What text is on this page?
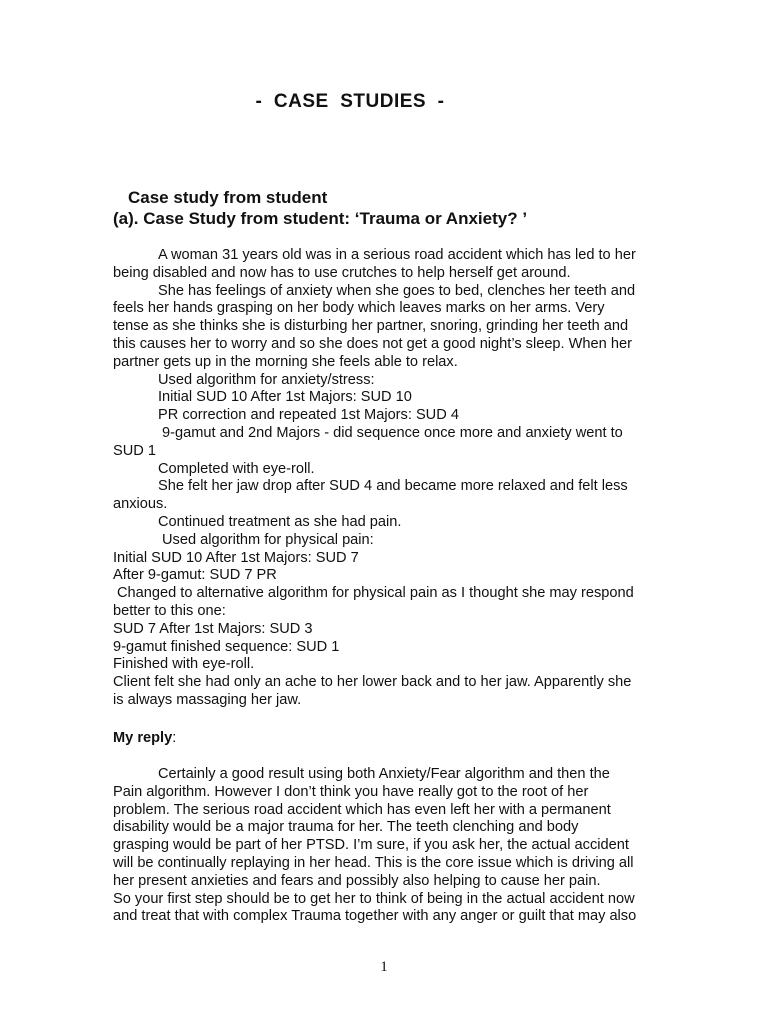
-  CASE  STUDIES  -
Case study from student
(a). Case Study from student: ‘Trauma or Anxiety? ’
A woman 31 years old was in a serious road accident which has led to her
being disabled and now has to use crutches to help herself get around.
She has feelings of anxiety when she goes to bed, clenches her teeth and
feels her hands grasping on her body which leaves marks on her arms. Very
tense as she thinks she is disturbing her partner, snoring, grinding her teeth and
this causes her to worry and so she does not get a good night’s sleep. When her
partner gets up in the morning she feels able to relax.
Used algorithm for anxiety/stress:
Initial SUD 10 After 1st Majors: SUD 10
PR correction and repeated 1st Majors: SUD 4
9-gamut and 2nd Majors - did sequence once more and anxiety went to
SUD 1
Completed with eye-roll.
She felt her jaw drop after SUD 4 and became more relaxed and felt less
anxious.
Continued treatment as she had pain.
Used algorithm for physical pain:
Initial SUD 10 After 1st Majors: SUD 7
After 9-gamut: SUD 7 PR
Changed to alternative algorithm for physical pain as I thought she may respond
better to this one:
SUD 7 After 1st Majors: SUD 3
9-gamut finished sequence: SUD 1
Finished with eye-roll.
Client felt she had only an ache to her lower back and to her jaw. Apparently she
is always massaging her jaw.
My reply:
Certainly a good result using both Anxiety/Fear algorithm and then the
Pain algorithm. However I don’t think you have really got to the root of her
problem. The serious road accident which has even left her with a permanent
disability would be a major trauma for her. The teeth clenching and body
grasping would be part of her PTSD. I’m sure, if you ask her, the actual accident
will be continually replaying in her head. This is the core issue which is driving all
her present anxieties and fears and possibly also helping to cause her pain.
So your first step should be to get her to think of being in the actual accident now
and treat that with complex Trauma together with any anger or guilt that may also
1
